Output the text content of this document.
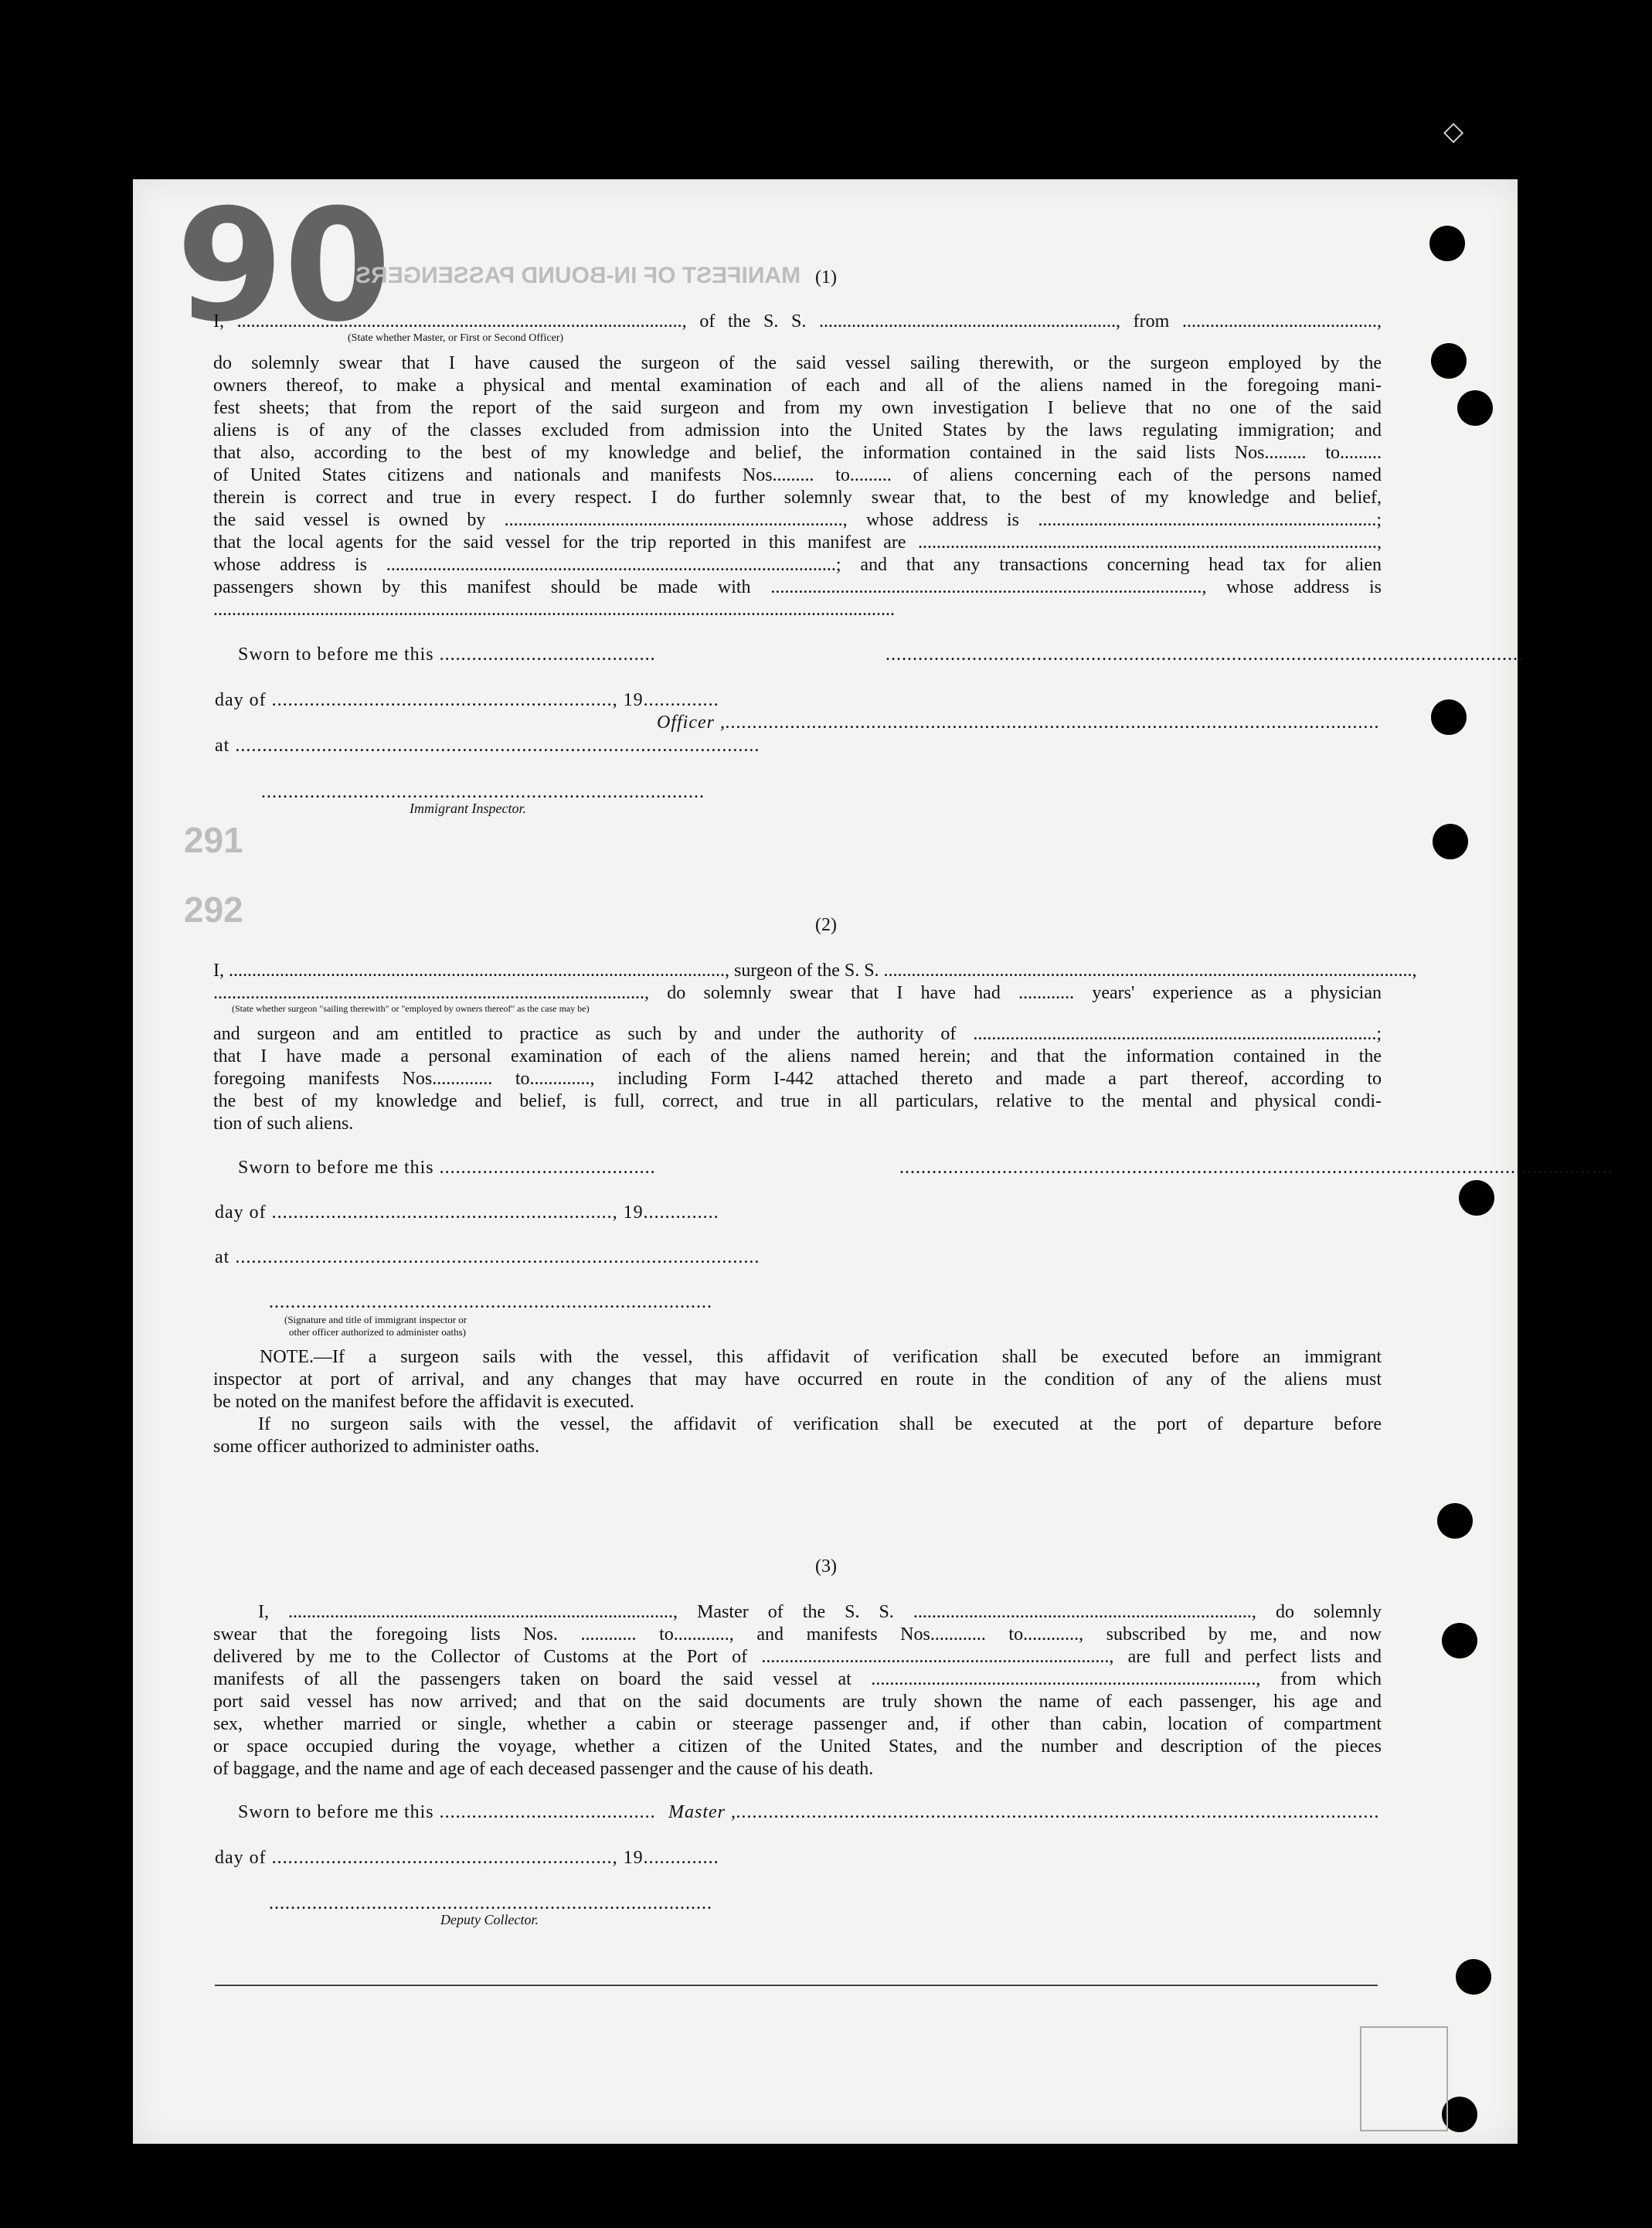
◇
90
MANIFEST OF IN-BOUND PASSENGERS
291
292
(1)
I, ................................................................................................, of the S. S. ................................................................, from ..........................................,
(State whether Master, or First or Second Officer)
do solemnly swear that I have caused the surgeon of the said vessel sailing therewith, or the surgeon employed by the
owners thereof, to make a physical and mental examination of each and all of the aliens named in the foregoing mani-
fest sheets; that from the report of the said surgeon and from my own investigation I believe that no one of the said
aliens is of any of the classes excluded from admission into the United States by the laws regulating immigration; and
that also, according to the best of my knowledge and belief, the information contained in the said lists Nos......... to.........
of United States citizens and nationals and manifests Nos......... to......... of aliens concerning each of the persons named
therein is correct and true in every respect. I do further solemnly swear that, to the best of my knowledge and belief,
the said vessel is owned by ........................................................................., whose address is .........................................................................;
that the local agents for the said vessel for the trip reported in this manifest are ...................................................................................................,
whose address is .................................................................................................; and that any transactions concerning head tax for alien
passengers shown by this manifest should be made with ............................................................................................., whose address is
...................................................................................................................................................
Sworn to before me this ........................................	......................................................................................................................
day of ..............................................................., 19..............
........................................................................................................................., Officer
at .................................................................................................
..................................................................................
Immigrant Inspector.
(2)
I, ..........................................................................................................., surgeon of the S. S. ..................................................................................................................,
............................................................................................., do solemnly swear that I have had ............ years' experience as a physician
(State whether surgeon "sailing therewith" or "employed by owners thereof" as the case may be)
and surgeon and am entitled to practice as such by and under the authority of .......................................................................................;
that I have made a personal examination of each of the aliens named herein; and that the information contained in the
foregoing manifests Nos............. to............., including Form I-442 attached thereto and made a part thereof, according to
the best of my knowledge and belief, is full, correct, and true in all particulars, relative to the mental and physical condi-
tion of such aliens.
Sworn to before me this ........................................	....................................................................................................................................
day of ..............................................................., 19..............
at .................................................................................................
..................................................................................
(Signature and title of immigrant inspector or
other officer authorized to administer oaths)
NOTE.—If a surgeon sails with the vessel, this affidavit of verification shall be executed before an immigrant
inspector at port of arrival, and any changes that may have occurred en route in the condition of any of the aliens must
be noted on the manifest before the affidavit is executed.
If no surgeon sails with the vessel, the affidavit of verification shall be executed at the port of departure before
some officer authorized to administer oaths.
(3)
I, ..................................................................................., Master of the S. S. ........................................................................., do solemnly
swear that the foregoing lists Nos. ............ to............, and manifests Nos............ to............, subscribed by me, and now
delivered by me to the Collector of Customs at the Port of ..........................................................................., are full and perfect lists and
manifests of all the passengers taken on board the said vessel at ..................................................................................., from which
port said vessel has now arrived; and that on the said documents are truly shown the name of each passenger, his age and
sex, whether married or single, whether a cabin or steerage passenger and, if other than cabin, location of compartment
or space occupied during the voyage, whether a citizen of the United States, and the number and description of the pieces
of baggage, and the name and age of each deceased passenger and the cause of his death.
Sworn to before me this ........................................ ......................................................................................................................., Master
day of ..............................................................., 19..............
..................................................................................
Deputy Collector.
